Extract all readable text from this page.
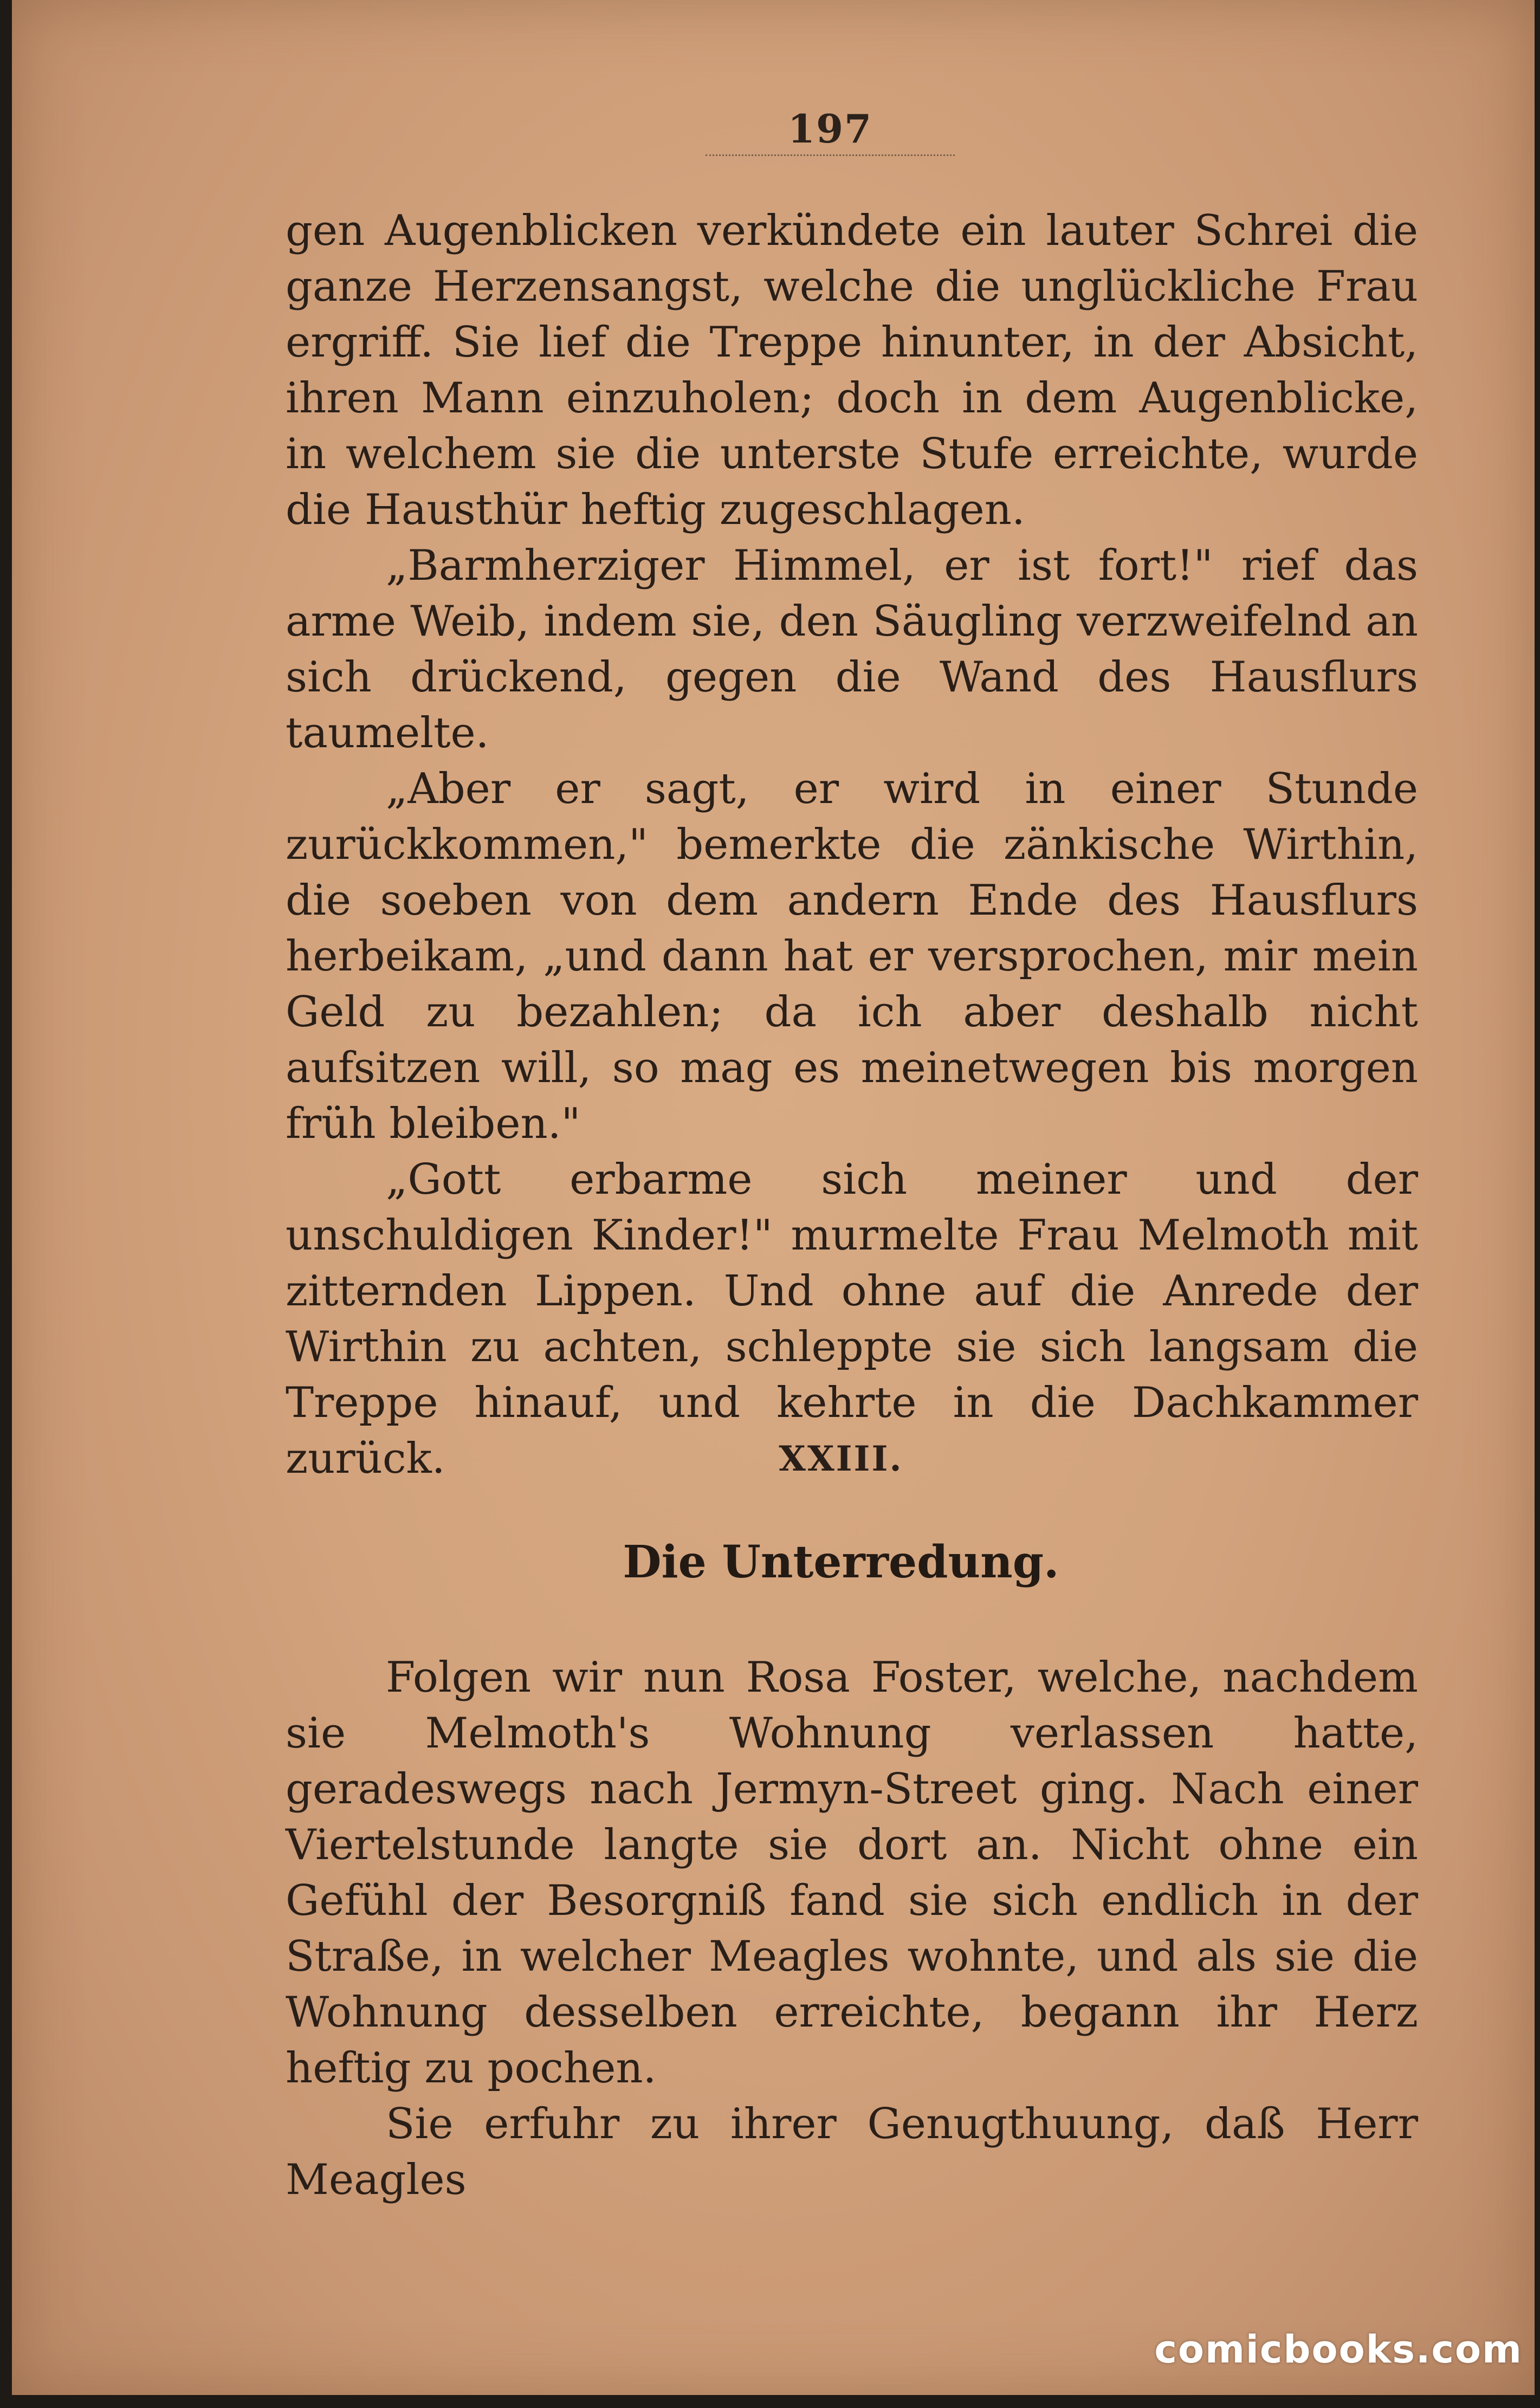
197

gen Augenblicken verkündete ein lauter Schrei die ganze Herzensangst, welche die unglückliche Frau ergriff. Sie lief die Treppe hinunter, in der Absicht, ihren Mann einzuholen; doch in dem Augenblicke, in welchem sie die unterste Stufe erreichte, wurde die Hausthür heftig zugeschlagen.

„Barmherziger Himmel, er ist fort!" rief das arme Weib, indem sie, den Säugling verzweifelnd an sich drückend, gegen die Wand des Hausflurs taumelte.

„Aber er sagt, er wird in einer Stunde zurückkommen," bemerkte die zänkische Wirthin, die soeben von dem andern Ende des Hausflurs herbeikam, „und dann hat er versprochen, mir mein Geld zu bezahlen; da ich aber deshalb nicht aufsitzen will, so mag es meinetwegen bis morgen früh bleiben."

„Gott erbarme sich meiner und der unschuldigen Kinder!" murmelte Frau Melmoth mit zitternden Lippen. Und ohne auf die Anrede der Wirthin zu achten, schleppte sie sich langsam die Treppe hinauf, und kehrte in die Dachkammer zurück.	XXIII.
Die Unterredung.

Folgen wir nun Rosa Foster, welche, nachdem sie Melmoth's Wohnung verlassen hatte, geradeswegs nach Jermyn-Street ging. Nach einer Viertelstunde langte sie dort an. Nicht ohne ein Gefühl der Besorgniß fand sie sich endlich in der Straße, in welcher Meagles wohnte, und als sie die Wohnung desselben erreichte, begann ihr Herz heftig zu pochen.

Sie erfuhr zu ihrer Genugthuung, daß Herr Meagles

comicbooks.com
